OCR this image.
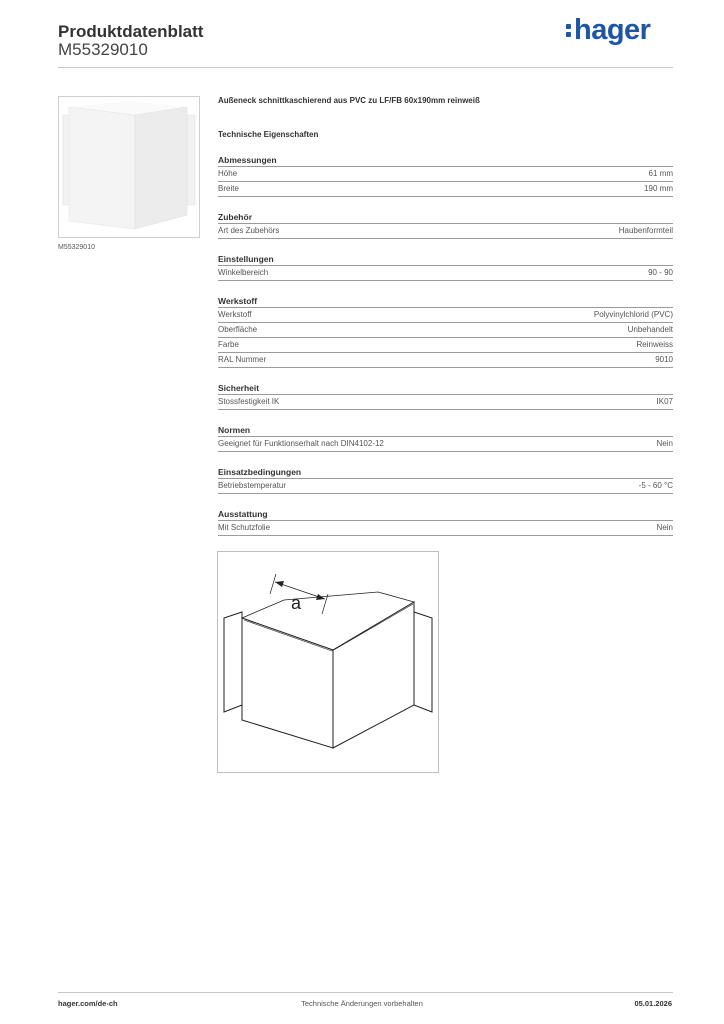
Produktdatenblatt
M55329010
hager
M55329010
Außeneck schnittkaschierend aus PVC zu LF/FB 60x190mm reinweiß
Technische Eigenschaften
Abmessungen
Höhe	61 mm
Breite	190 mm
Zubehör
Art des Zubehörs	Haubenformteil
Einstellungen
Winkelbereich	90 - 90
Werkstoff
Werkstoff	Polyvinylchlorid (PVC)
Oberfläche	Unbehandelt
Farbe	Reinweiss
RAL Nummer	9010
Sicherheit
Stossfestigkeit IK	IK07
Normen
Geeignet für Funktionserhalt nach DIN4102-12	Nein
Einsatzbedingungen
Betriebstemperatur	-5 - 60 °C
Ausstattung
Mit Schutzfolie	Nein
a
hager.com/de-ch	Technische Änderungen vorbehalten	05.01.2026
